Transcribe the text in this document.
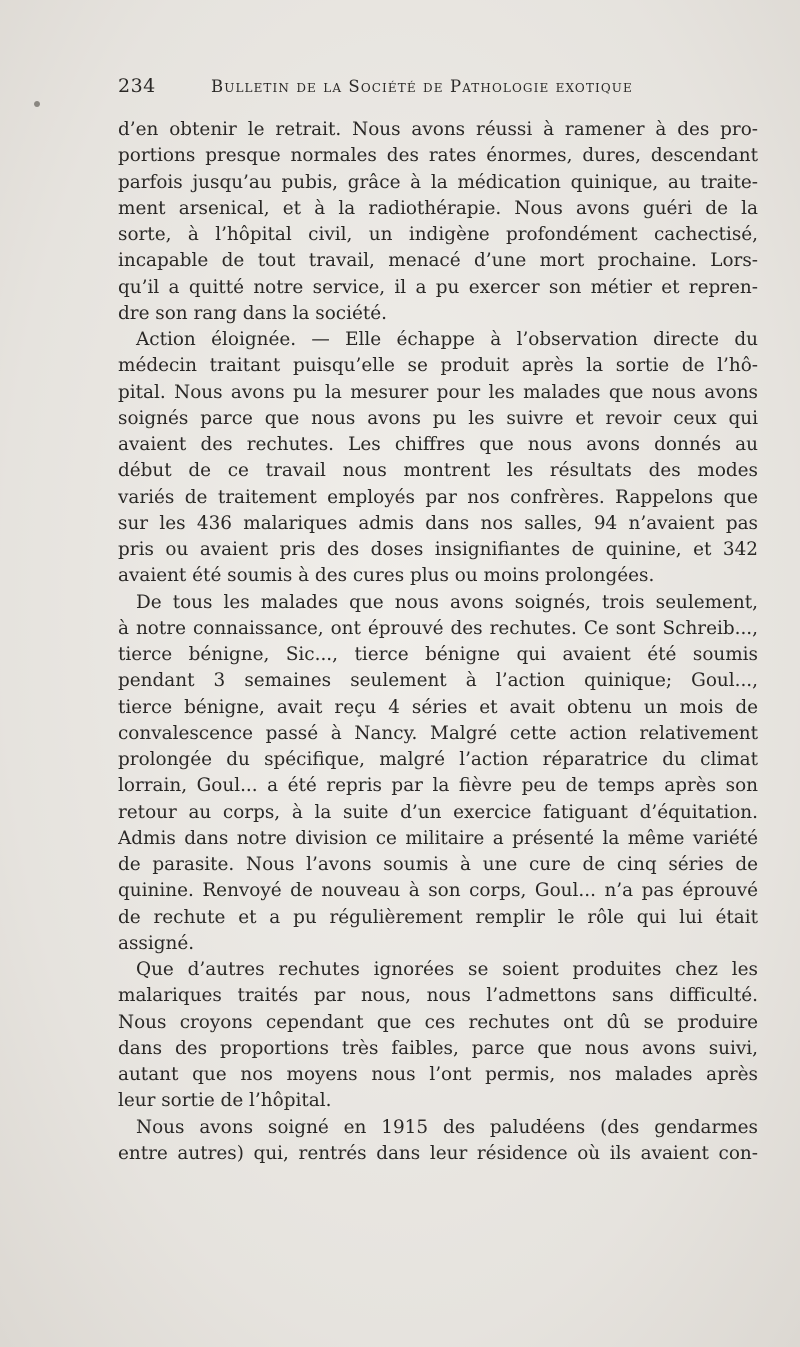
234	Bulletin de la Société de Pathologie exotique
d’en obtenir le retrait. Nous avons réussi à ramener à des pro-
portions presque normales des rates énormes, dures, descendant
parfois jusqu’au pubis, grâce à la médication quinique, au traite-
ment arsenical, et à la radiothérapie. Nous avons guéri de la
sorte, à l’hôpital civil, un indigène profondément cachectisé,
incapable de tout travail, menacé d’une mort prochaine. Lors-
qu’il a quitté notre service, il a pu exercer son métier et repren-
dre son rang dans la société.
Action éloignée. — Elle échappe à l’observation directe du
médecin traitant puisqu’elle se produit après la sortie de l’hô-
pital. Nous avons pu la mesurer pour les malades que nous avons
soignés parce que nous avons pu les suivre et revoir ceux qui
avaient des rechutes. Les chiffres que nous avons donnés au
début de ce travail nous montrent les résultats des modes
variés de traitement employés par nos confrères. Rappelons que
sur les 436 malariques admis dans nos salles, 94 n’avaient pas
pris ou avaient pris des doses insignifiantes de quinine, et 342
avaient été soumis à des cures plus ou moins prolongées.
De tous les malades que nous avons soignés, trois seulement,
à notre connaissance, ont éprouvé des rechutes. Ce sont Schreib...,
tierce bénigne, Sic..., tierce bénigne qui avaient été soumis
pendant 3 semaines seulement à l’action quinique; Goul...,
tierce bénigne, avait reçu 4 séries et avait obtenu un mois de
convalescence passé à Nancy. Malgré cette action relativement
prolongée du spécifique, malgré l’action réparatrice du climat
lorrain, Goul... a été repris par la fièvre peu de temps après son
retour au corps, à la suite d’un exercice fatiguant d’équitation.
Admis dans notre division ce militaire a présenté la même variété
de parasite. Nous l’avons soumis à une cure de cinq séries de
quinine. Renvoyé de nouveau à son corps, Goul... n’a pas éprouvé
de rechute et a pu régulièrement remplir le rôle qui lui était
assigné.
Que d’autres rechutes ignorées se soient produites chez les
malariques traités par nous, nous l’admettons sans difficulté.
Nous croyons cependant que ces rechutes ont dû se produire
dans des proportions très faibles, parce que nous avons suivi,
autant que nos moyens nous l’ont permis, nos malades après
leur sortie de l’hôpital.
Nous avons soigné en 1915 des paludéens (des gendarmes
entre autres) qui, rentrés dans leur résidence où ils avaient con-
